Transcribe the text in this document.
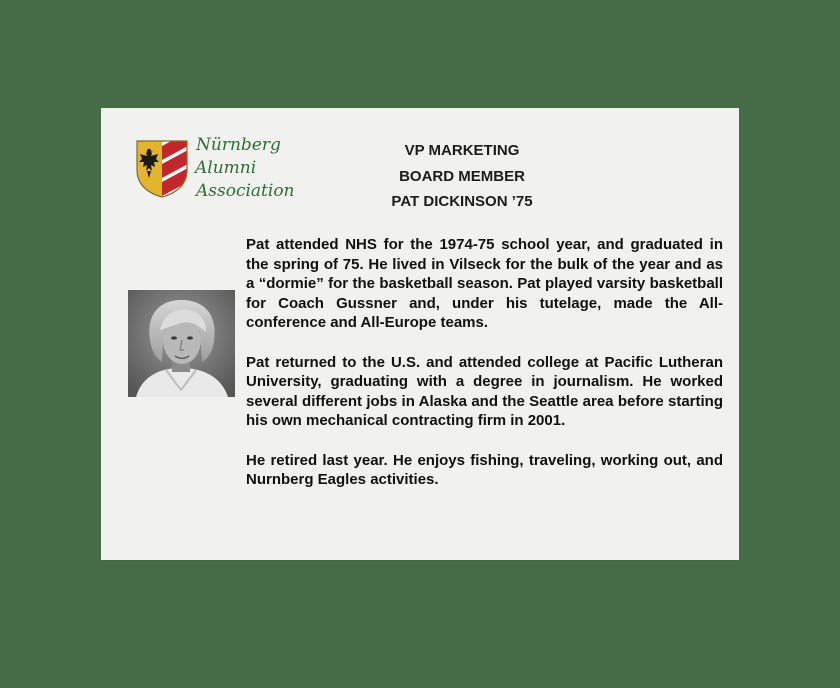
Nürnberg
Alumni
Association
VP MARKETING
BOARD MEMBER
PAT DICKINSON ’75

Pat attended NHS for the 1974-75 school year, and graduated in the spring of 75. He lived in Vilseck for the bulk of the year and as a “dormie” for the basketball season. Pat played varsity basketball for Coach Gussner and, under his tutelage, made the All-conference and All-Europe teams.

Pat returned to the U.S. and attended college at Pacific Lutheran University, graduating with a degree in journalism. He worked several different jobs in Alaska and the Seattle area before starting his own mechanical contracting firm in 2001.

He retired last year. He enjoys fishing, traveling, working out, and Nurnberg Eagles activities.
